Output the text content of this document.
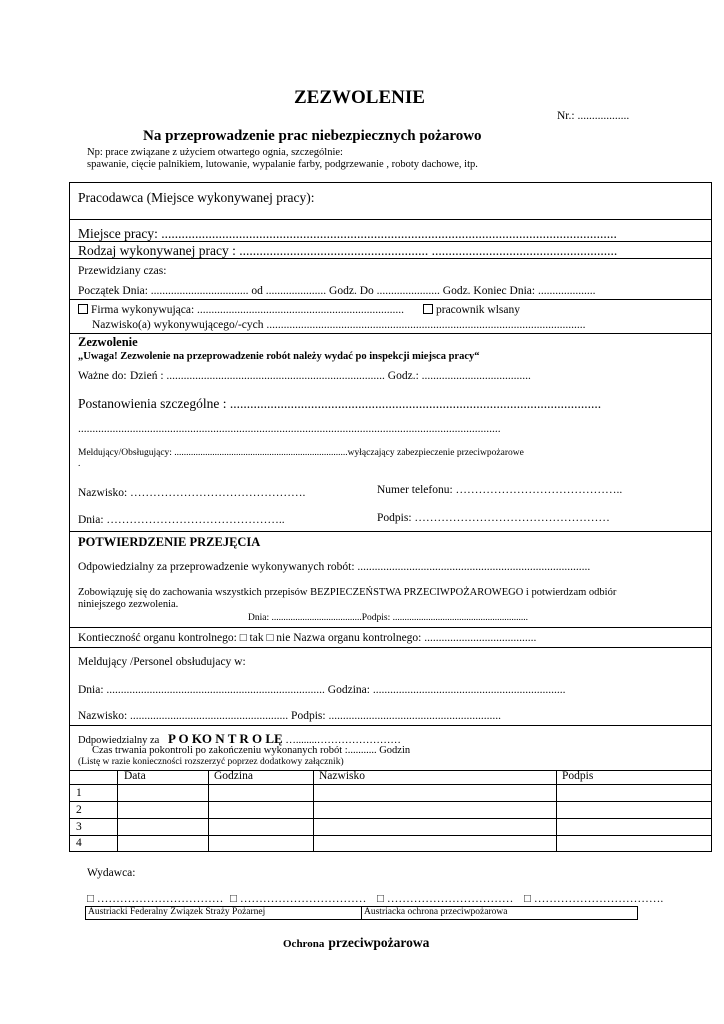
ZEZWOLENIE
Nr.: ..................
Na przeprowadzenie prac niebezpiecznych pożarowo
Np: prace związane z użyciem otwartego ognia, szczególnie:
spawanie, cięcie palnikiem, lutowanie, wypalanie farby, podgrzewanie , roboty dachowe, itp.
Pracodawca (Miejsce wykonywanej pracy):
Miejsce pracy: .......................................................................................................................................
Rodzaj wykonywanej pracy : ........................................................ .......................................................
Przewidziany czas:
Początek Dnia: .................................. od ..................... Godz. Do ...................... Godz. Koniec Dnia: ....................
Firma wykonywująca: ........................................................................	pracownik wlsany
Nazwisko(a) wykonywującego/-cych ...............................................................................................................
Zezwolenie
„Uwaga! Zezwolenie na przeprowadzenie robót należy wydać po inspekcji miejsca pracy“
Ważne do: Dzień : ............................................................................ Godz.: ......................................
Postanowienia szczególne : ..............................................................................................................
...................................................................................................................................................
Meldujący/Obsługujący: .........................................................................wyłączający zabezpieczenie przeciwpożarowe
.
Nazwisko: ……………………………………….	Numer telefonu: ……………………………………..
Dnia: ………………………………………..	Podpis: ……………………………………………
POTWIERDZENIE PRZEJĘCIA
Odpowiedzialny za przeprowadzenie wykonywanych robót: .................................................................................
Zobowiązuję się do zachowania wszystkich przepisów BEZPIECZEŃSTWA PRZECIWPOŻAROWEGO i potwierdzam odbiór
niniejszego zezwolenia.
Dnia: ......................................Podpis: .........................................................
Kontieczność organu kontrolnego: □ tak □ nie Nazwa organu kontrolnego: .......................................
Meldujący /Personel obsłudujacy w:
Dnia: ............................................................................ Godzina: ...................................................................
Nazwisko: ....................................................... Podpis: ............................................................
Ddpowiedzialny za P O KO N T R O LĘ …........……………………
Czas trwania pokontroli po zakończeniu wykonanych robót :........... Godzin
(Listę w razie konieczności rozszerzyć poprzez dodatkowy załącznik)
Data	Godzina	Nazwisko	Podpis
1
2
3
4
Wydawca:
□ …………………………… □ …………………………… □ …………………………… □ …………………………….
Austriacki Federalny Związek Straży Pożarnej	Austriacka ochrona przeciwpożarowa
Ochrona przeciwpożarowa
